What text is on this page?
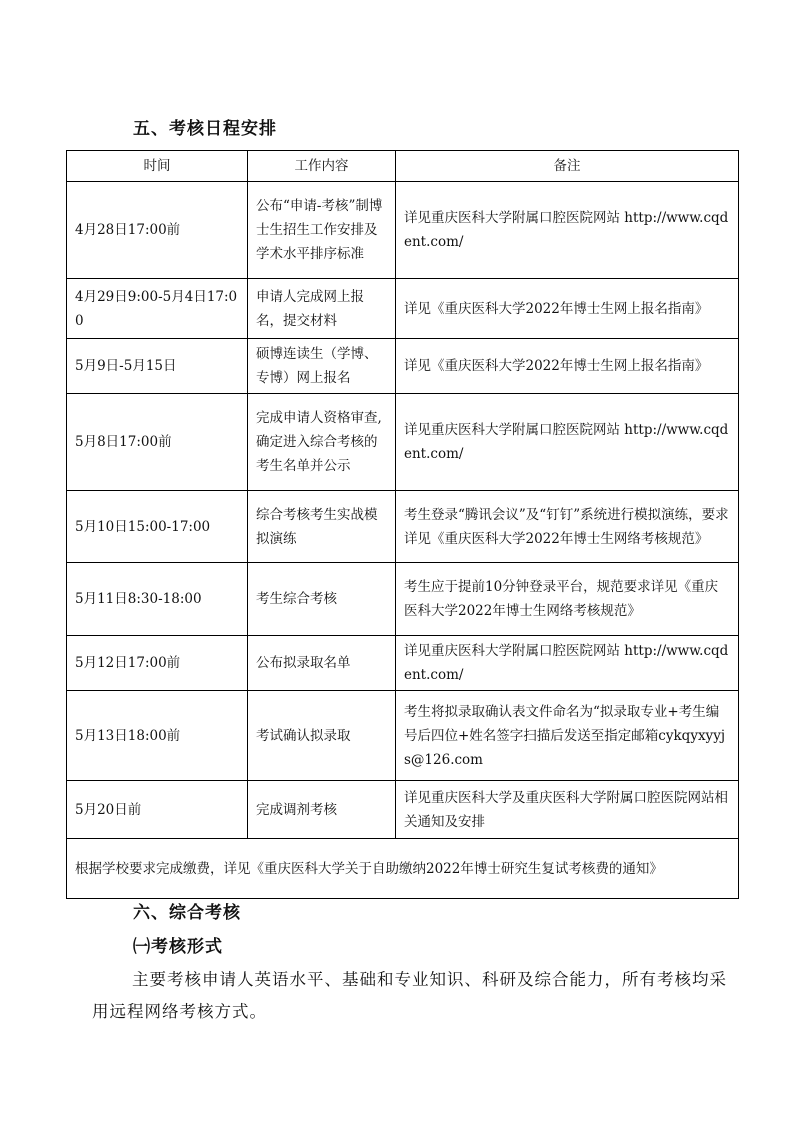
五、考核日程安排
时间	工作内容	备注
4月28日17:00前	公布“申请-考核”制博士生招生工作安排及学术水平排序标准	详见重庆医科大学附属口腔医院网站 http://www.cqdent.com/
4月29日9:00-5月4日17:00	申请人完成网上报名，提交材料	详见《重庆医科大学2022年博士生网上报名指南》
5月9日-5月15日	硕博连读生（学博、专博）网上报名	详见《重庆医科大学2022年博士生网上报名指南》
5月8日17:00前	完成申请人资格审查,确定进入综合考核的考生名单并公示	详见重庆医科大学附属口腔医院网站 http://www.cqdent.com/
5月10日15:00-17:00	综合考核考生实战模拟演练	考生登录“腾讯会议”及“钉钉”系统进行模拟演练，要求详见《重庆医科大学2022年博士生网络考核规范》
5月11日8:30-18:00	考生综合考核	考生应于提前10分钟登录平台，规范要求详见《重庆医科大学2022年博士生网络考核规范》
5月12日17:00前	公布拟录取名单	详见重庆医科大学附属口腔医院网站 http://www.cqdent.com/
5月13日18:00前	考试确认拟录取	考生将拟录取确认表文件命名为“拟录取专业+考生编号后四位+姓名签字扫描后发送至指定邮箱cykqyxyyjs@126.com
5月20日前	完成调剂考核	详见重庆医科大学及重庆医科大学附属口腔医院网站相关通知及安排
根据学校要求完成缴费，详见《重庆医科大学关于自助缴纳2022年博士研究生复试考核费的通知》		
六、综合考核
㈠考核形式
主要考核申请人英语水平、基础和专业知识、科研及综合能力，所有考核均采用远程网络考核方式。
